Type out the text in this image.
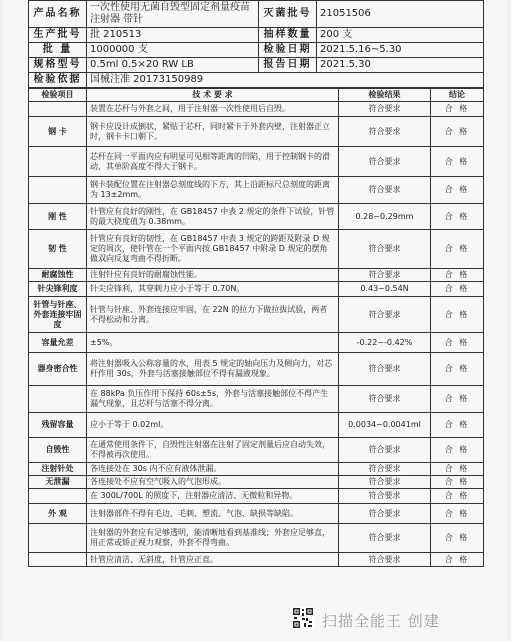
产品名称	一次性使用无菌自毁型固定剂量疫苗注射器 带针	灭菌批号	21051506
生产批号	批 210513	抽样数量	200 支
批 量	1000000 支	检验日期	2021.5.16~5.30
规格型号	0.5ml 0.5×20 RW LB	报告日期	2021.5.30
检验依据	国械注准 20173150989		
检验项目	技 术 要 求	检验结果	结论
	装置在芯杆与外套之间，用于注射器一次性使用后自毁。	符合要求	合 格
钢 卡	钢卡应设计成倒状，紧贴于芯杆，同时紧卡于外套内壁，注射器正立时，钢卡卡口朝下。	符合要求	合 格
	芯杆在同一平面内应有明显可见相等距离的凹陷，用于控制钢卡的滑动，其单阶高度不得大于钢卡。	符合要求	合 格
	钢卡装配位置在注射器总刻度线的下方，其上沿距标尺总刻度的距离为 13±2mm。	符合要求	合 格
刚 性	针管应有良好的刚性，在 GB18457 中表 2 规定的条件下试验，针管的最大挠度值为 0.38mm。	0.28~0.29mm	合 格
韧 性	针管应有良好的韧性，在 GB18457 中表 3 规定的跨距及附录 D 规定的周次，使针管在一个平面内按 GB18457 中附录 D 规定的摆角做双向反复弯曲不得折断。	符合要求	合 格
耐腐蚀性	注射针应有良好的耐腐蚀性能。	符合要求	合 格
针尖锋利度	针尖应锋利，其穿刺力应小于等于 0.70N。	0.43~0.54N	合 格
针管与针座、外套连接牢固度	针管与针座、外套连接应牢固，在 22N 的拉力下做拉拔试验，两者不得松动和分离。	符合要求	合 格
容量允差	±5%。	-0.22~-0.42%	合 格
器身密合性	将注射器吸入公称容量的水，用表 5 规定的轴向压力及侧向力，对芯杆作用 30s，外套与活塞接触部位不得有漏液现象。	符合要求	合 格
	在 88kPa 负压作用下保持 60s±5s，外套与活塞接触部位不得产生漏气现象，且芯杆与活塞不得分离。	符合要求	合 格
残留容量	应小于等于 0.02ml。	0.0034~0.0041ml	合 格
自毁性	在通常使用条件下，自毁性注射器在注射了固定剂量后应自动失效，不得被再次使用。	符合要求	合 格
注射针处	各连接处在 30s 内不应有液体泄漏。	符合要求	合 格
无泄漏	各连接处不应有空气吸入的气泡形成。	符合要求	合 格
	在 300L/700L 的照度下，注射器应清洁、无微粒和异物。	符合要求	合 格
外 观	注射器部件不得有毛边、毛刺、塑流、气泡、缺损等缺陷。	符合要求	合 格
	注射器的外套应有足够透明，能清晰地看到基准线；外套应足够直，用正常或矫正视力观察，外套不得弯曲。	符合要求	合 格
	针管应清洁、无斜度，针管应正直。	符合要求	合 格
扫描全能王 创建
